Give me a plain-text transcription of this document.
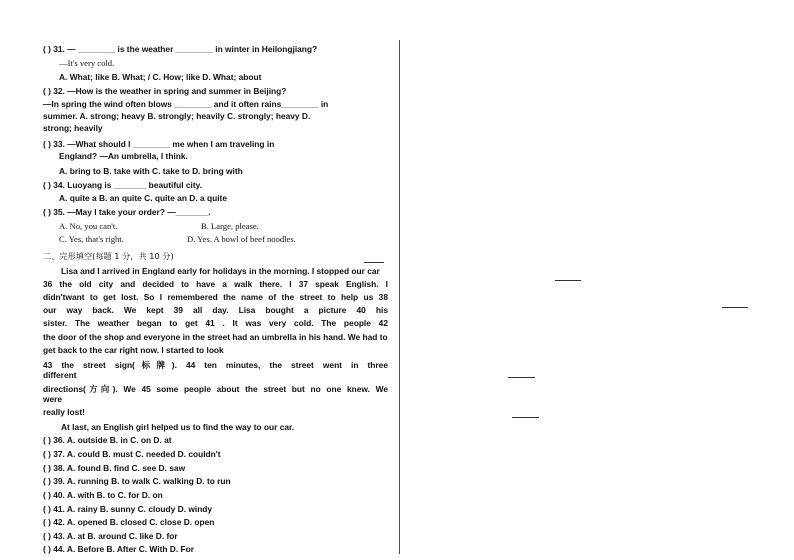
( ) 31. — ________ is the weather ________ in winter in Heilongjiang?
—It's very cold.
A. What; like B. What; / C. How; like D. What; about
( ) 32. —How is the weather in spring and summer in Beijing?
—In spring the wind often blows ________ and it often rains________ in
summer. A. strong; heavy B. strongly; heavily C. strongly; heavy D.
strong; heavily
( ) 33. —What should I ________ me when I am traveling in
England? —An umbrella, I think.
A. bring to B. take with C. take to D. bring with
( ) 34. Luoyang is _______ beautiful city.
A. quite a B. an quite C. quite an D. a quite
( ) 35. —May I take your order? —_______.
A. No, you can't.	B. Large, please.
C. Yes, that's right.	D. Yes. A bowl of beef noodles.
二、完形填空(每题 1 分，共 10 分)
Lisa and I arrived in England early for holidays in the morning. I stopped our car
36 the old city and decided to have a walk there. I 37 speak English. I
didn'twant to get lost. So I remembered the name of the street to help us 38
our way back. We kept 39 all day. Lisa bought a picture 40 his
sister. The weather began to get 41 . It was very cold. The people 42
the door of the shop and everyone in the street had an umbrella in his hand. We had to
get back to the car right now. I started to look
43 the street sign(标牌). 44 ten minutes, the street went in three
different
directions(方向). We 45 some people about the street but no one knew. We
were
really lost!
At last, an English girl helped us to find the way to our car.
( ) 36. A. outside B. in C. on D. at
( ) 37. A. could B. must C. needed D. couldn't
( ) 38. A. found B. find C. see D. saw
( ) 39. A. running B. to walk C. walking D. to run
( ) 40. A. with B. to C. for D. on
( ) 41. A. rainy B. sunny C. cloudy D. windy
( ) 42. A. opened B. closed C. close D. open
( ) 43. A. at B. around C. like D. for
( ) 44. A. Before B. After C. With D. For
